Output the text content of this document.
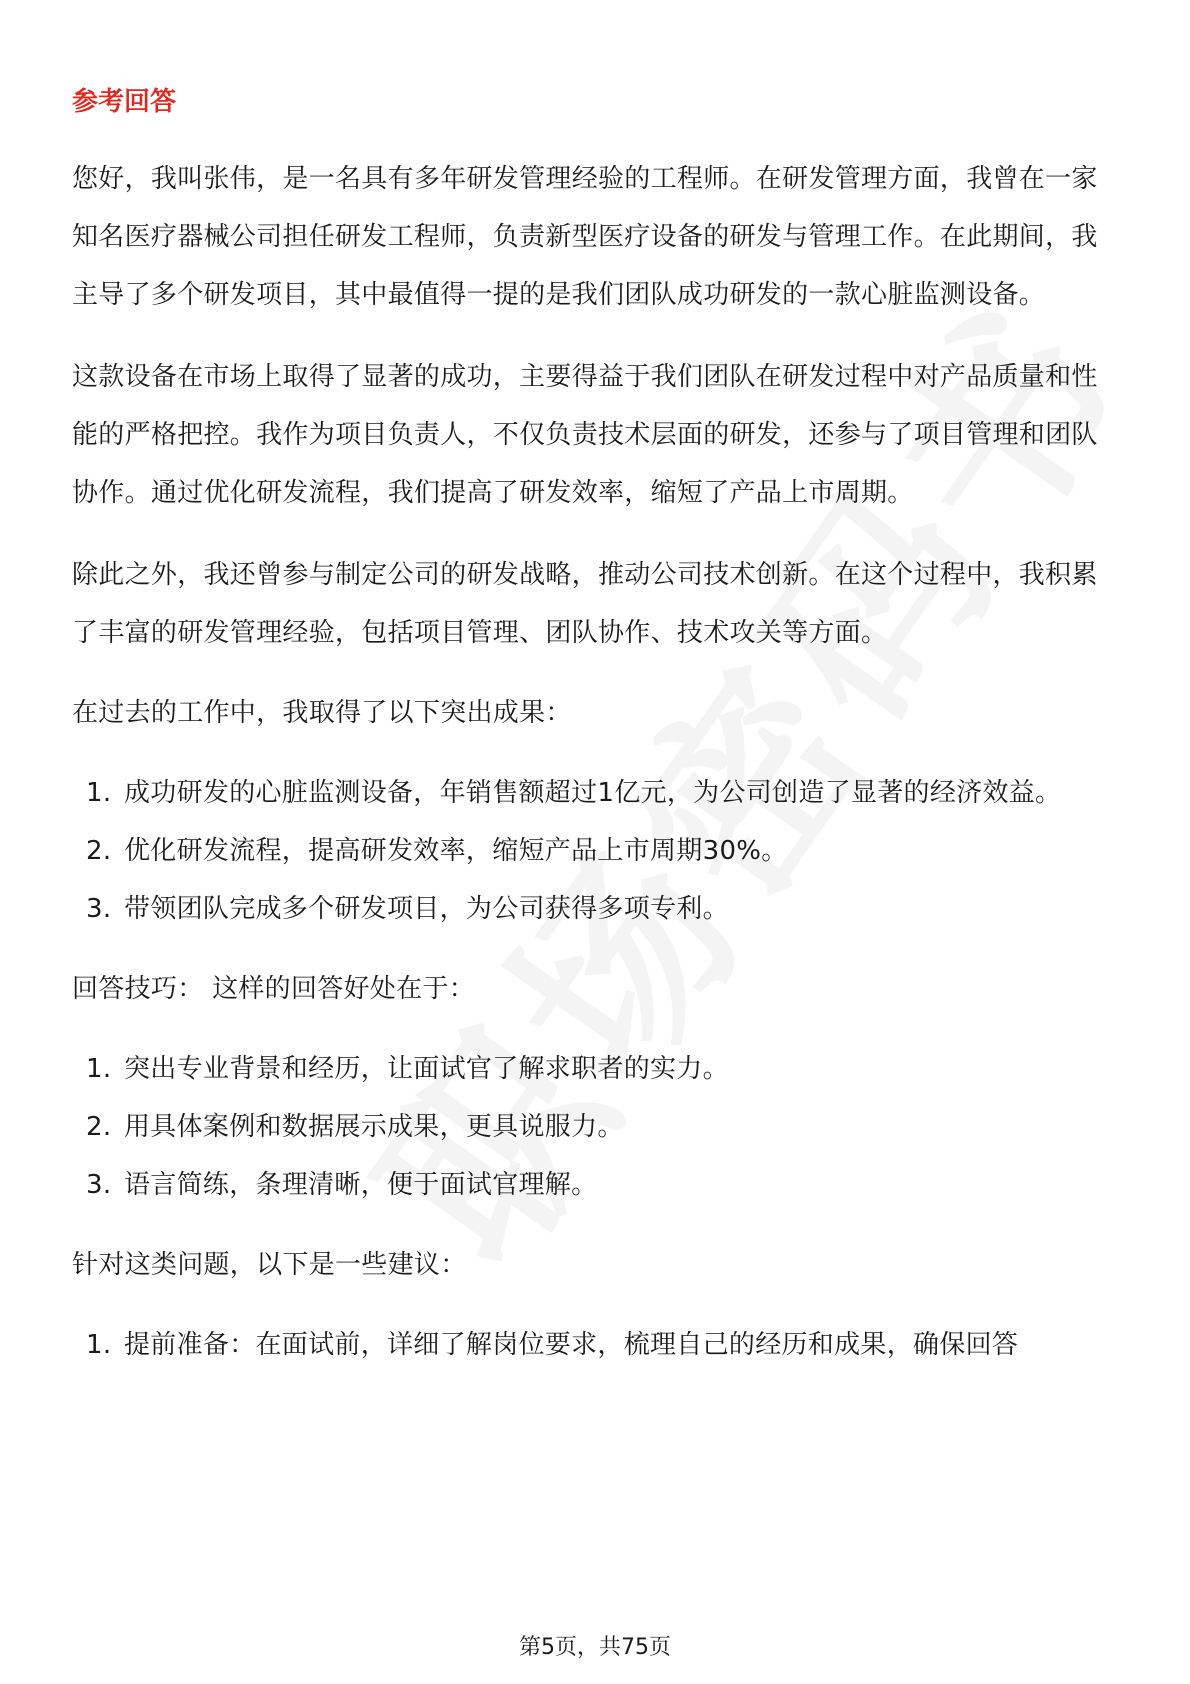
参考回答

您好，我叫张伟，是一名具有多年研发管理经验的工程师。在研发管理方面，我曾在一家知名医疗器械公司担任研发工程师，负责新型医疗设备的研发与管理工作。在此期间，我主导了多个研发项目，其中最值得一提的是我们团队成功研发的一款心脏监测设备。

这款设备在市场上取得了显著的成功，主要得益于我们团队在研发过程中对产品质量和性能的严格把控。我作为项目负责人，不仅负责技术层面的研发，还参与了项目管理和团队协作。通过优化研发流程，我们提高了研发效率，缩短了产品上市周期。

除此之外，我还曾参与制定公司的研发战略，推动公司技术创新。在这个过程中，我积累了丰富的研发管理经验，包括项目管理、团队协作、技术攻关等方面。

在过去的工作中，我取得了以下突出成果：

1. 成功研发的心脏监测设备，年销售额超过1亿元，为公司创造了显著的经济效益。
2. 优化研发流程，提高研发效率，缩短产品上市周期30%。
3. 带领团队完成多个研发项目，为公司获得多项专利。

回答技巧： 这样的回答好处在于：

1. 突出专业背景和经历，让面试官了解求职者的实力。
2. 用具体案例和数据展示成果，更具说服力。
3. 语言简练，条理清晰，便于面试官理解。

针对这类问题，以下是一些建议：

1. 提前准备：在面试前，详细了解岗位要求，梳理自己的经历和成果，确保回答
第5页，共75页
